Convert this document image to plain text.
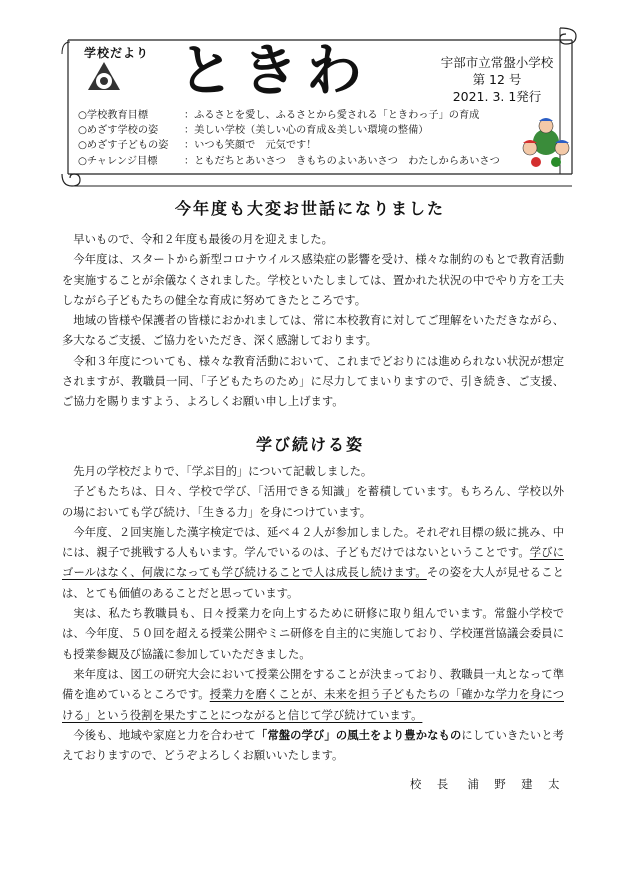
学校だより ときわ	宇部市立常盤小学校
第 12 号
2021. 3. 1発行
○学校教育目標	：ふるさとを愛し、ふるさとから愛される「ときわっ子」の育成
○めざす学校の姿	：美しい学校（美しい心の育成＆美しい環境の整備）
○めざす子どもの姿 ：いつも笑顔で　元気です！
○チャレンジ目標	：ともだちとあいさつ　 きもちのよいあいさつ　 わたしからあいさつ
今年度も大変お世話になりました

早いもので、令和２年度も最後の月を迎えました。

今年度は、スタートから新型コロナウイルス感染症の影響を受け、様々な制約のもとで教育活動を実施することが余儀なくされました。学校といたしましては、置かれた状況の中でやり方を工夫しながら子どもたちの健全な育成に努めてきたところです。

地域の皆様や保護者の皆様におかれましては、常に本校教育に対してご理解をいただきながら、多大なるご支援、ご協力をいただき、深く感謝しております。

令和３年度についても、様々な教育活動において、これまでどおりには進められない状況が想定されますが、教職員一同、「子どもたちのため」に尽力してまいりますので、引き続き、ご支援、ご協力を賜りますよう、よろしくお願い申し上げます。

学び続ける姿

先月の学校だよりで、「学ぶ目的」について記載しました。

子どもたちは、日々、学校で学び、「活用できる知識」を蓄積しています。もちろん、学校以外の場においても学び続け、「生きる力」を身につけています。

今年度、２回実施した漢字検定では、延べ４２人が参加しました。それぞれ目標の級に挑み、中には、親子で挑戦する人もいます。学んでいるのは、子どもだけではないということです。学びにゴールはなく、何歳になっても学び続けることで人は成長し続けます。その姿を大人が見せることは、とても価値のあることだと思っています。

実は、私たち教職員も、日々授業力を向上するために研修に取り組んでいます。常盤小学校では、今年度、５０回を超える授業公開やミニ研修を自主的に実施しており、学校運営協議会委員にも授業参観及び協議に参加していただきました。

来年度は、図工の研究大会において授業公開をすることが決まっており、教職員一丸となって準備を進めているところです。授業力を磨くことが、未来を担う子どもたちの「確かな学力を身につける」という役割を果たすことにつながると信じて学び続けています。

今後も、地域や家庭と力を合わせて「常盤の学び」の風土をより豊かなものにしていきたいと考えておりますので、どうぞよろしくお願いいたします。

校 長　浦 野 建 太
